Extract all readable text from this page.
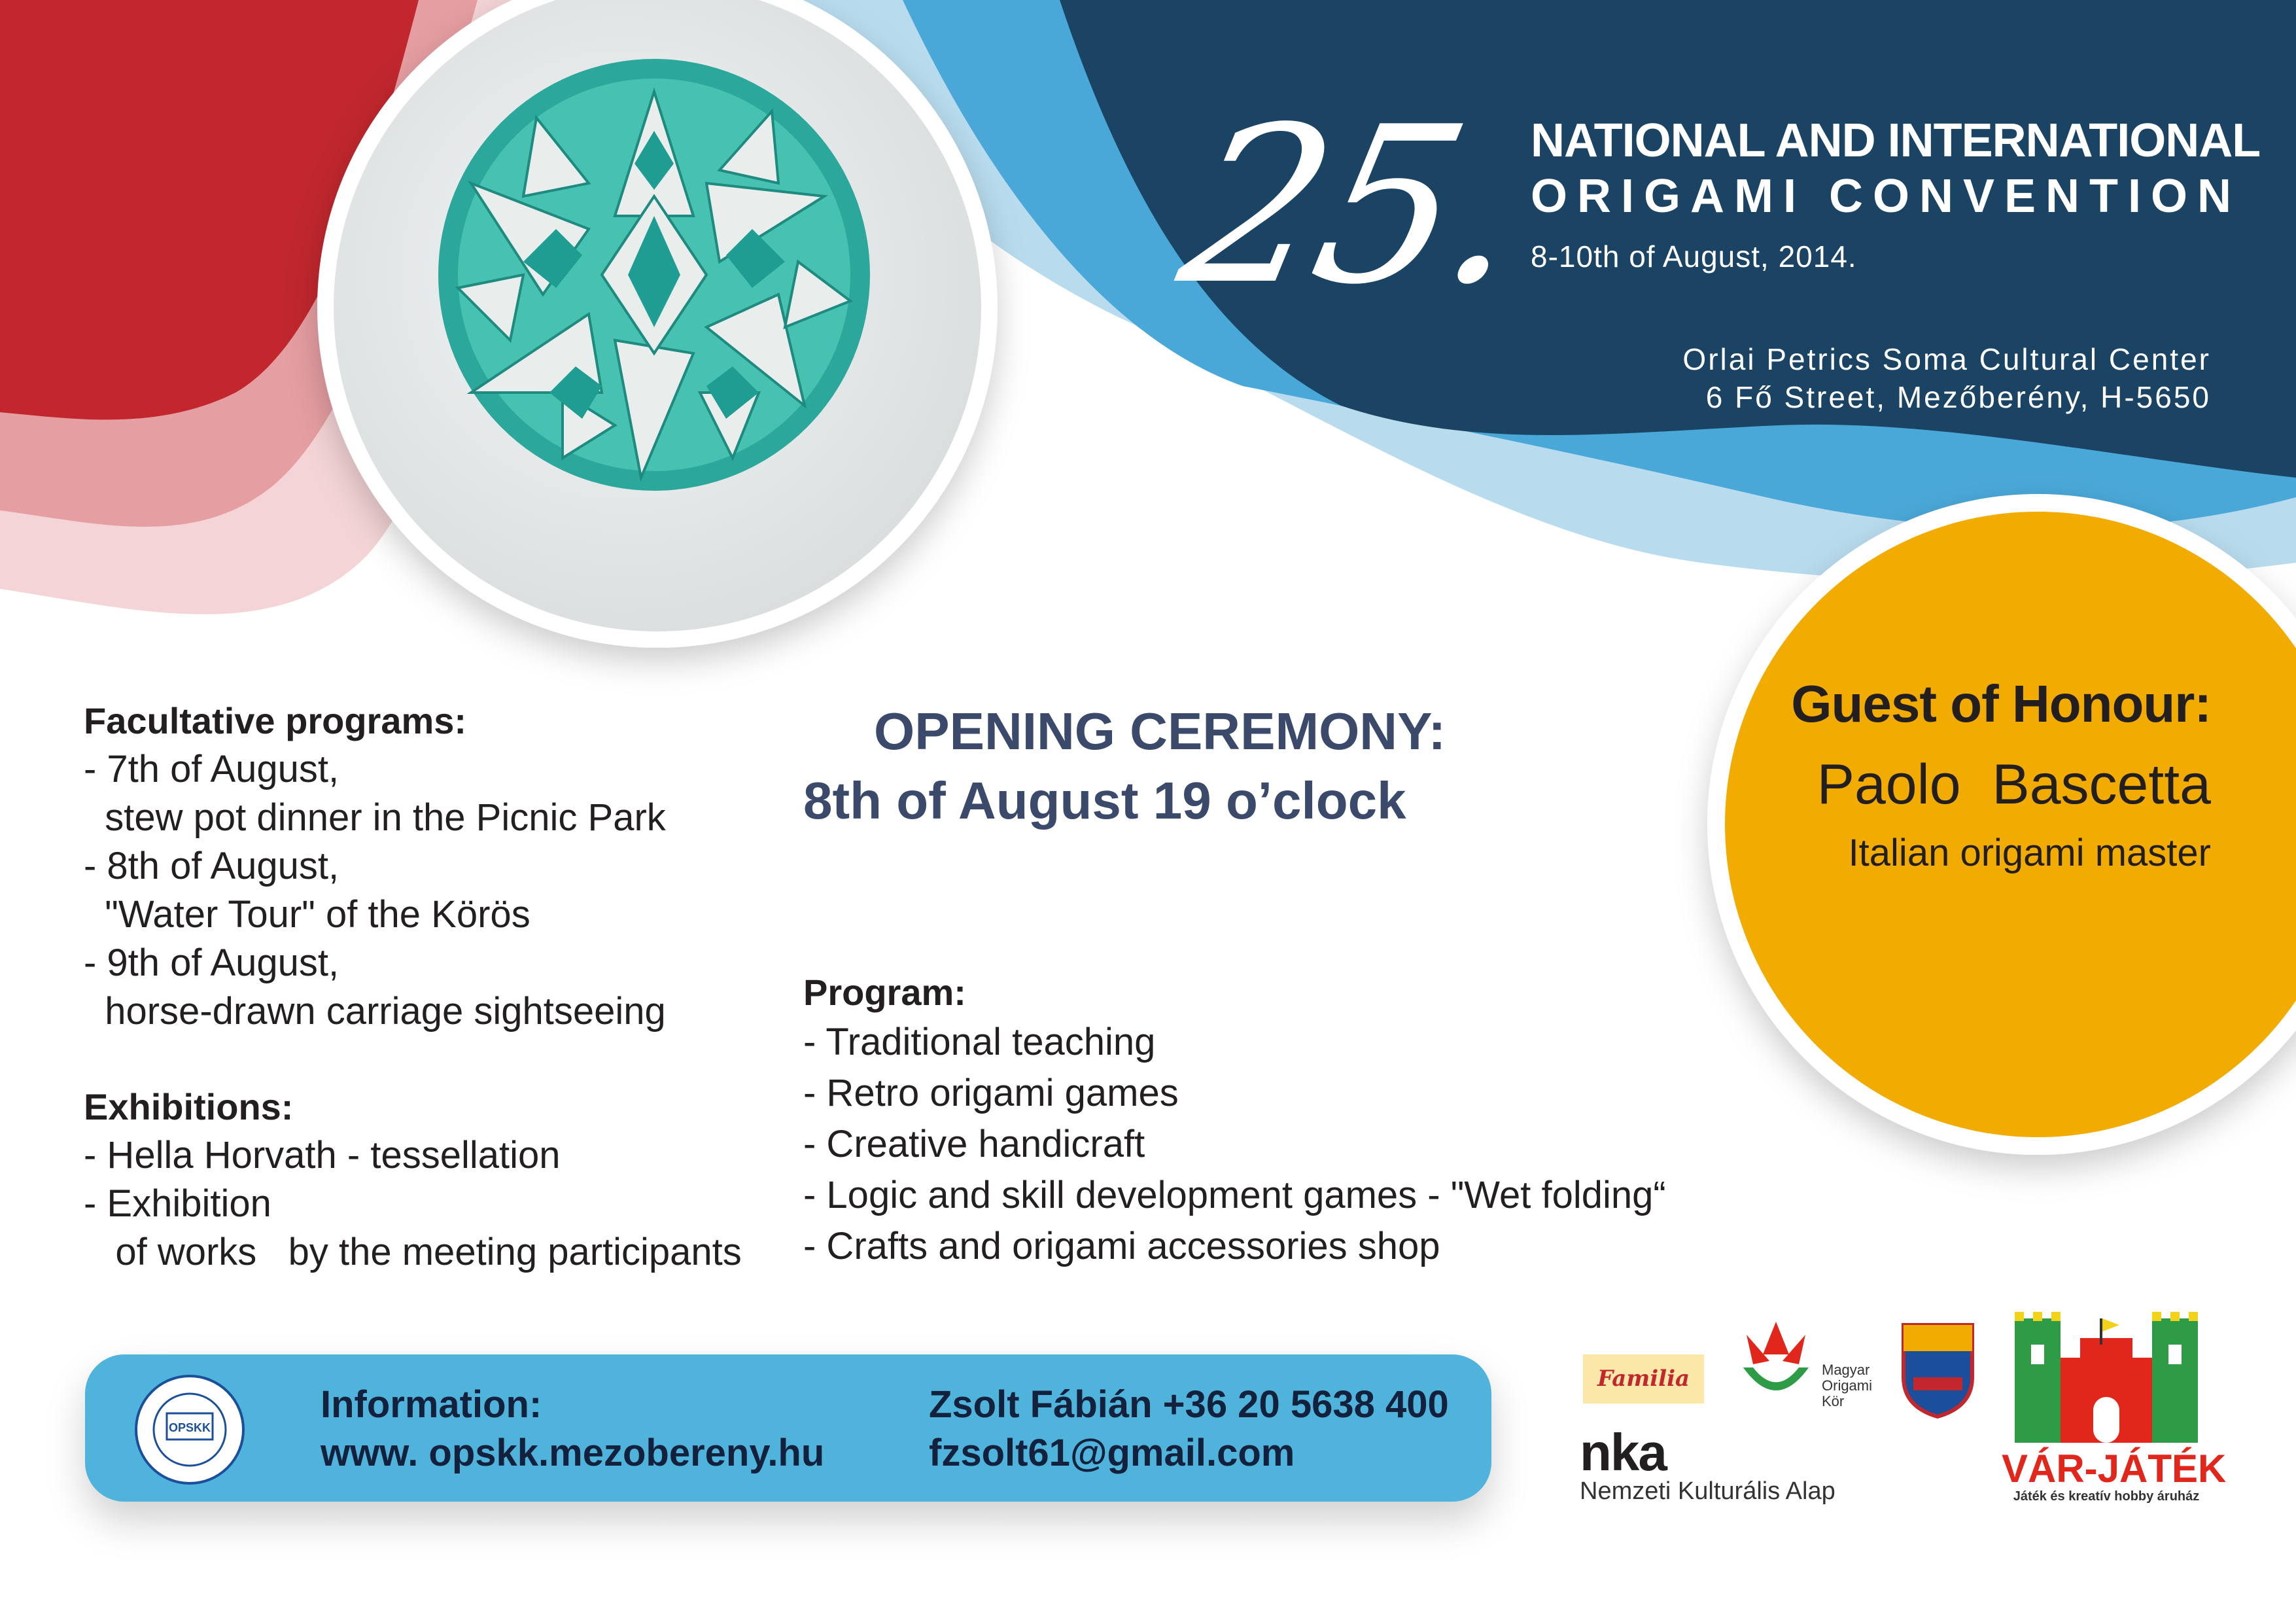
25.
NATIONAL AND INTERNATIONAL
ORIGAMI CONVENTION
8-10th of August, 2014.
Orlai Petrics Soma Cultural Center
6 Fő Street, Mezőberény, H-5650
Guest of Honour:
Paolo  Bascetta
Italian origami master
Facultative programs:
- 7th of August,
stew pot dinner in the Picnic Park
- 8th of August,
"Water Tour" of the Körös
- 9th of August,
horse-drawn carriage sightseeing
Exhibitions:
- Hella Horvath - tessellation
- Exhibition
of works   by the meeting participants
OPENING CEREMONY:
8th of August 19 o’clock
Program:
- Traditional teaching
- Retro origami games
- Creative handicraft
- Logic and skill development games - "Wet folding“
- Crafts and origami accessories shop
OPSKK
Information:
www. opskk.mezobereny.hu
Zsolt Fábián +36 20 5638 400
fzsolt61@gmail.com
Familia	Magyar
Origami
Kör
VÁR-JÁTÉK
Játék és kreatív hobby áruház
nka
Nemzeti Kulturális Alap
